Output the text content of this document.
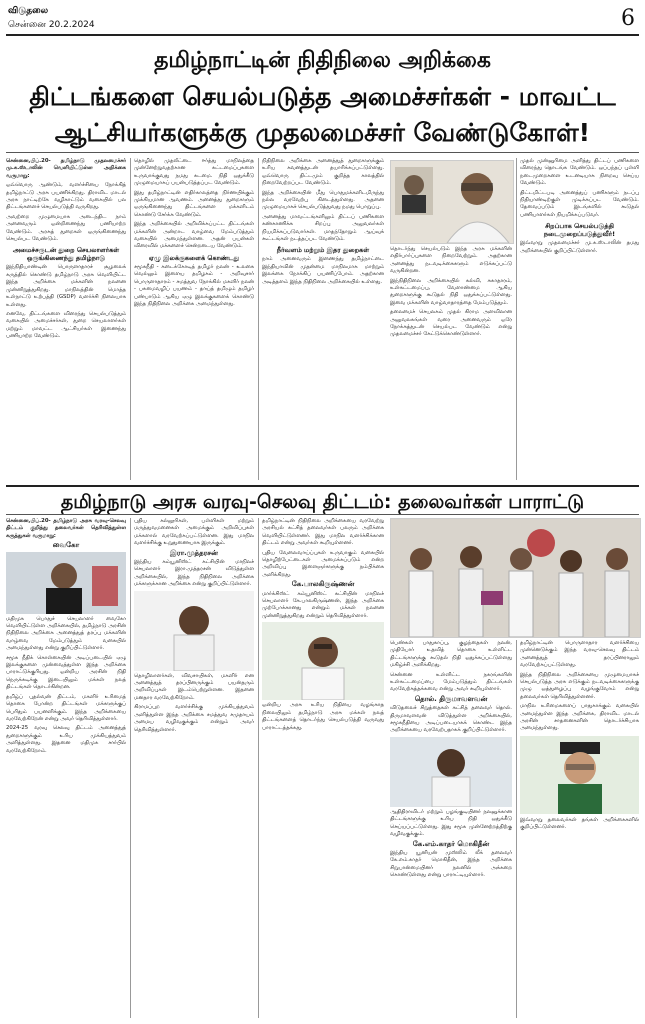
விடுதலை
சென்னை 20.2.2024	6
தமிழ்நாட்டின் நிதிநிலை அறிக்கை
திட்டங்களை செயல்படுத்த அமைச்சர்கள் - மாவட்ட
ஆட்சியர்களுக்கு முதலமைச்சர் வேண்டுகோள்!

சென்னை,பிப்.20- தமிழ்நாடு முதலமைச்சர் மு.க.ஸ்டாலின் வெளியிட்டுள்ள அறிக்கை வருமாறு:

ஒவ்வொரு ஆண்டும், வளர்ச்சியை நோக்கித் தமிழ்நாட்டு அரசு பயணிக்கிறது. திராவிட மாடல் அரசு நாட்டிற்கே வழிகாட்டும் வகையில் பல திட்டங்களைச் செயல்படுத்தி வருகிறது.

அவற்றை முழுமையாக அடைந்திட நாம் அனைவரும் ஒன்றிணைந்து பணியாற்ற வேண்டும். அரசுத் துறைகள் ஒருங்கிணைந்து செயல்பட வேண்டும்.

அமைச்சருடன் துறை செயலாளர்கள் ஒருங்கிணைந்து தமிழ்நாடு

இந்நிதியாண்டின் பொருளாதாரச் சூழலைக் கருத்தில் கொண்டு தமிழ்நாடு அரசு வெளியிட்ட இந்த அறிக்கை மக்களின் நலனை முன்னிறுத்துகிறது. மாநிலத்தின் மொத்த உள்நாட்டு உற்பத்தி (GSDP) வளர்ச்சி நிலையாக உள்ளது.

எனவே, திட்டங்களை விரைந்து செயல்படுத்தும் வகையில் அமைச்சர்கள், துறை செயலாளர்கள் மற்றும் மாவட்ட ஆட்சியர்கள் இணைந்து பணியாற்ற வேண்டும்.

தொழில் முதலீட்டை ஈர்த்து மாநிலத்தை முன்னேற்றுவதற்கான கட்டமைப்புகளை உருவாக்குவது நமது கடமை. நிதி ஒதுக்கீடு முழுமையாகப் பயன்படுத்தப்பட வேண்டும்.

இது தமிழ்நாட்டின் எதிர்காலத்தை நிர்ணயிக்கும் முக்கியமான ஆவணம். அனைத்து துறைகளும் ஒருங்கிணைந்து திட்டங்களை மக்களிடம் கொண்டு சேர்க்க வேண்டும்.

இந்த அறிக்கையில் அறிவிக்கப்பட்ட திட்டங்கள் மக்களின் அன்றாட வாழ்வை மேம்படுத்தும் வகையில் அமைந்துள்ளன. அதன் பயன்கள் விரைவில் மக்களைச் சென்றடைய வேண்டும்.

ஏழு இலக்குகளைக் கொண்டது

சமூகநீதி - கடைக்கோடித் தமிழர் நலன் - உலகை வெல்லும் இளைய தமிழகம் - அறிவுசார் பொருளாதாரம் - சமத்துவ நோக்கில் மகளிர் நலன் - பசுமைவழிப் பயணம் - தாய்த் தமிழும் தமிழர் பண்பாடும் ஆகிய ஏழு இலக்குகளைக் கொண்டு இந்த நிதிநிலை அறிக்கை அமைந்துள்ளது.

நிதிநிலை அறிக்கை அனைத்துத் துறைகளுக்கும் உரிய கவனத்துடன் தயாரிக்கப்பட்டுள்ளது. ஒவ்வொரு திட்டமும் குறித்த காலத்தில் நிறைவேற்றப்பட வேண்டும்.

இந்த அறிக்கையின் மீது பொதுமக்களிடமிருந்து நல்ல வரவேற்பு கிடைத்துள்ளது. அதனை முழுமையாகச் செயல்படுத்துவது நமது பொறுப்பு.

அனைத்து மாவட்டங்களிலும் திட்டப் பணிகளை கண்காணிக்க சிறப்பு அலுவலர்கள் நியமிக்கப்படுவார்கள். மாதந்தோறும் ஆய்வுக் கூட்டங்கள் நடத்தப்பட வேண்டும்.

நீர்வளம் மற்றும் இதர துறைகள்

நாம் அனைவரும் இணைந்து தமிழ்நாட்டை இந்தியாவின் முதன்மை மாநிலமாக மாற்றும் இலக்கை நோக்கிப் பயணிப்போம். அதற்கான அடித்தளம் இந்த நிதிநிலை அறிக்கையில் உள்ளது.

தொடர்ந்து செயல்படும் இந்த அரசு மக்களின் எதிர்பார்ப்புகளை நிறைவேற்றும். அதற்கான அனைத்து நடவடிக்கைகளும் எடுக்கப்பட்டு வருகின்றன.

இந்நிதிநிலை அறிக்கையில் கல்வி, சுகாதாரம், உள்கட்டமைப்பு, வேளாண்மை ஆகிய துறைகளுக்கு கூடுதல் நிதி ஒதுக்கப்பட்டுள்ளது. இவை மக்களின் வாழ்வாதாரத்தை மேம்படுத்தும்.

தலைமைச் செயலகம் முதல் கிராம அளவிலான அலுவலகங்கள் வரை அனைவரும் ஒரே நோக்கத்துடன் செயல்பட வேண்டும் என்று முதலமைச்சர் கேட்டுக்கொண்டுள்ளார்.

முதல் முன்னுரிமை அளித்து திட்டப் பணிகளை விரைந்து தொடங்க வேண்டும். ஒப்பந்தப் புள்ளி நடைமுறைகளை உடனடியாக நிறைவு செய்ய வேண்டும்.

திட்டமிட்டபடி அனைத்துப் பணிகளும் நடப்பு நிதியாண்டிற்குள் முடிக்கப்பட வேண்டும். தேவைப்படும் இடங்களில் கூடுதல் பணியாளர்கள் நியமிக்கப்படுவர்.

சிறப்பாக செயல்படுத்தி நடைமுறைப்படுத்துவீர்!

இவ்வாறு முதலமைச்சர் மு.க.ஸ்டாலின் தமது அறிக்கையில் குறிப்பிட்டுள்ளார்.

தமிழ்நாடு அரசு வரவு-செலவு திட்டம்: தலைவர்கள் பாராட்டு

சென்னை,பிப்.20- தமிழ்நாடு அரசு வரவு-செலவு திட்டம் குறித்து தலைவர்கள் தெரிவித்துள்ள கருத்துகள் வருமாறு:

வைகோ

மதிமுக பொதுச் செயலாளர் வைகோ வெளியிட்டுள்ள அறிக்கையில், தமிழ்நாடு அரசின் நிதிநிலை அறிக்கை அனைத்துத் தரப்பு மக்களின் வாழ்வை மேம்படுத்தும் வகையில் அமைந்துள்ளது என்று குறிப்பிட்டுள்ளார்.

சமூக நீதிக் கொள்கையின் அடிப்படையில் ஏழு இலக்குகளை முன்வைத்துள்ள இந்த அறிக்கை பாராட்டுக்குரியது. ஒன்றிய அரசின் நிதி நெருக்கடிக்கு இடையிலும் மக்கள் நலத் திட்டங்கள் தொடர்கின்றன.

தமிழ்ப் புதல்வன் திட்டம், மகளிர் உரிமைத் தொகை போன்ற திட்டங்கள் மக்களுக்குப் பெரிதும் பயனளிக்கும். இந்த அறிக்கையை வரவேற்கிறேன் என்று அவர் தெரிவித்துள்ளார்.

2024-25 வரவு செலவு திட்டம் அனைத்துத் துறைகளுக்கும் உரிய முக்கியத்துவம் அளித்துள்ளது. இதனை மதிமுக சார்பில் வரவேற்கிறோம்.

புதிய கல்லூரிகள், பள்ளிகள் மற்றும் மருத்துவமனைகள் அமைக்கும் அறிவிப்புகள் மக்களால் வரவேற்கப்பட்டுள்ளன. இது மாநில வளர்ச்சிக்கு உறுதுணையாக இருக்கும்.

இரா.முத்தரசன்

இந்திய கம்யூனிஸ்ட் கட்சியின் மாநிலச் செயலாளர் இரா.முத்தரசன் விடுத்துள்ள அறிக்கையில், இந்த நிதிநிலை அறிக்கை மக்களுக்கான அறிக்கை என்று குறிப்பிட்டுள்ளார்.

தொழிலாளர்கள், விவசாயிகள், மகளிர் என அனைத்துத் தரப்பினருக்கும் பயன்தரும் அறிவிப்புகள் இடம்பெற்றுள்ளன. இதனை மனதார வரவேற்கிறோம்.

கிராமப்புற வளர்ச்சிக்கு முக்கியத்துவம் அளித்துள்ள இந்த அறிக்கை சமத்துவ சமுதாயம் அமைய வழிவகுக்கும் என்றும் அவர் தெரிவித்துள்ளார்.

தமிழ்நாட்டின் நிதிநிலை அறிக்கையை வரவேற்று அரசியல் கட்சித் தலைவர்கள் பலரும் அறிக்கை வெளியிட்டுள்ளனர். இது மாநில வளர்ச்சிக்கான திட்டம் என்று அவர்கள் கூறியுள்ளனர்.

புதிய வேலைவாய்ப்புகள் உருவாகும் வகையில் தொழிற்பேட்டைகள் அமைக்கப்படும் என்ற அறிவிப்பு இளைஞர்களுக்கு நம்பிக்கை அளிக்கிறது.

கே.பாலகிருஷ்ணன்

மார்க்சிஸ்ட் கம்யூனிஸ்ட் கட்சியின் மாநிலச் செயலாளர் கே.பாலகிருஷ்ணன், இந்த அறிக்கை முற்போக்கானது என்றும் மக்கள் நலனை முன்னிறுத்துகிறது என்றும் தெரிவித்துள்ளார்.

ஒன்றிய அரசு உரிய நிதியை வழங்காத நிலையிலும் தமிழ்நாடு அரசு மக்கள் நலத் திட்டங்களைத் தொடர்ந்து செயல்படுத்தி வருவது பாராட்டத்தக்கது.

பெண்கள் பாதுகாப்பு, குழந்தைகள் நலன், முதியோர் உதவித் தொகை உள்ளிட்ட திட்டங்களுக்கு கூடுதல் நிதி ஒதுக்கப்பட்டுள்ளது மகிழ்ச்சி அளிக்கிறது.

சென்னை உள்ளிட்ட நகரங்களின் உள்கட்டமைப்பை மேம்படுத்தும் திட்டங்கள் வரவேற்கத்தக்கவை என்று அவர் கூறியுள்ளார்.

தொல். திருமாவளவன்

விடுதலைச் சிறுத்தைகள் கட்சித் தலைவர் தொல். திருமாவளவன் விடுத்துள்ள அறிக்கையில், சமூகநீதியை அடிப்படையாகக் கொண்ட இந்த அறிக்கையை வரவேற்பதாகக் குறிப்பிட்டுள்ளார்.

ஆதிதிராவிடர் மற்றும் பழங்குடியினர் நலனுக்கான திட்டங்களுக்கு உரிய நிதி ஒதுக்கீடு செய்யப்பட்டுள்ளது. இது சமூக முன்னேற்றத்திற்கு வழிவகுக்கும்.

கே.எம்.காதர் மொகிதீன்

இந்திய யூனியன் முஸ்லிம் லீக் தலைவர் கே.எம்.காதர் மொகிதீன், இந்த அறிக்கை சிறுபான்மையினர் நலனில் அக்கறை கொண்டுள்ளது என்று பாராட்டியுள்ளார்.

தமிழ்நாட்டின் பொருளாதார வளர்ச்சியை முன்னெடுக்கும் இந்த வரவு-செலவு திட்டம் அனைத்துத் தரப்பினராலும் வரவேற்கப்பட்டுள்ளது.

இந்த நிதிநிலை அறிக்கையை முழுமையாகச் செயல்படுத்த அரசு எடுக்கும் நடவடிக்கைகளுக்கு முழு ஒத்துழைப்பு வழங்குவோம் என்று தலைவர்கள் தெரிவித்துள்ளனர்.

மாநில உரிமைகளைப் பாதுகாக்கும் வகையில் அமைந்துள்ள இந்த அறிக்கை, திராவிட மாடல் அரசின் சாதனைகளின் தொடர்ச்சியாக அமைந்துள்ளது.

இவ்வாறு தலைவர்கள் தங்கள் அறிக்கைகளில் குறிப்பிட்டுள்ளனர்.
